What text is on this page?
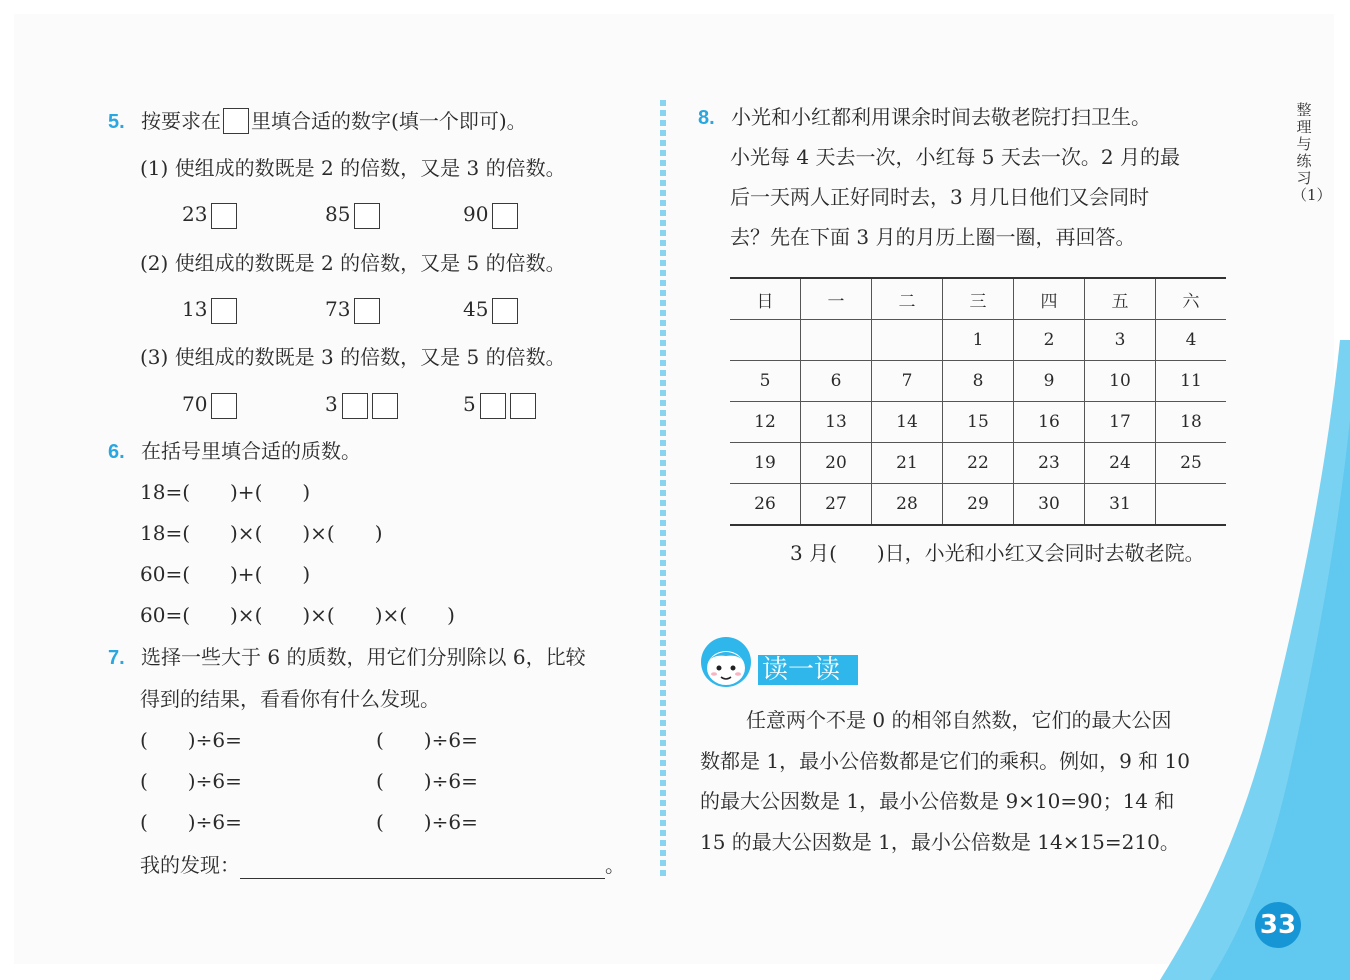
整理与练习（1）
33
5. 按要求在 里填合适的数字(填一个即可)。
(1) 使组成的数既是 2 的倍数，又是 3 的倍数。
23	85	90
(2) 使组成的数既是 2 的倍数，又是 5 的倍数。
13	73	45
(3) 使组成的数既是 3 的倍数，又是 5 的倍数。
70	3	5
6. 在括号里填合适的质数。
18=(　　)+(　　)
18=(　　)×(　　)×(　　)
60=(　　)+(　　)
60=(　　)×(　　)×(　　)×(　　)
7. 选择一些大于 6 的质数，用它们分别除以 6，比较
得到的结果，看看你有什么发现。
(　　)÷6=	(　　)÷6=
(　　)÷6=	(　　)÷6=
(　　)÷6=	(　　)÷6=
我的发现：	。
8. 小光和小红都利用课余时间去敬老院打扫卫生。
小光每 4 天去一次，小红每 5 天去一次。2 月的最
后一天两人正好同时去，3 月几日他们又会同时
去？先在下面 3 月的月历上圈一圈，再回答。
日	一	二	三	四	五	六
			1	2	3	4
5	6	7	8	9	10	11
12	13	14	15	16	17	18
19	20	21	22	23	24	25
26	27	28	29	30	31	
3 月(　　)日，小光和小红又会同时去敬老院。
读一读
任意两个不是 0 的相邻自然数，它们的最大公因
数都是 1，最小公倍数都是它们的乘积。例如，9 和 10
的最大公因数是 1，最小公倍数是 9×10=90；14 和
15 的最大公因数是 1，最小公倍数是 14×15=210。
